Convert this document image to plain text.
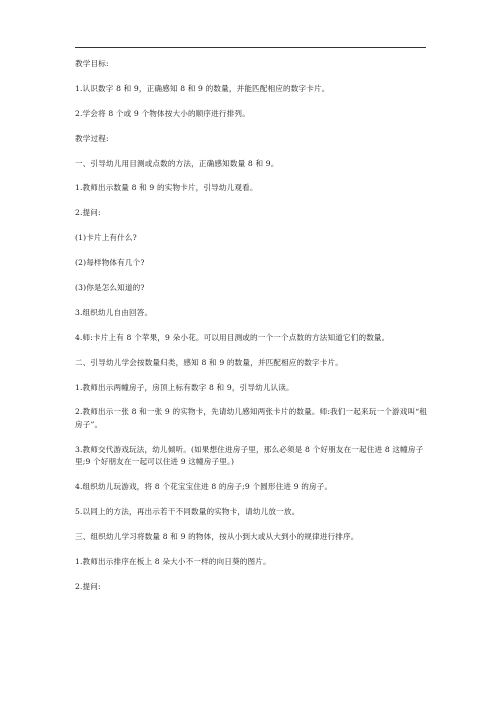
教学目标:

1.认识数字 8 和 9，正确感知 8 和 9 的数量，并能匹配相应的数字卡片。

2.学会将 8 个或 9 个物体按大小的顺序进行排列。

教学过程:

一、引导幼儿用目测或点数的方法，正确感知数量 8 和 9。

1.教师出示数量 8 和 9 的实物卡片，引导幼儿观看。

2.提问:

(1)卡片上有什么?

(2)每样物体有几个?

(3)你是怎么知道的?

3.组织幼儿自由回答。

4.师:卡片上有 8 个苹果，9 朵小花。可以用目测或的一个一个点数的方法知道它们的数量。

二、引导幼儿学会按数量归类，感知 8 和 9 的数量，并匹配相应的数字卡片。

1.教师出示两幢房子，房顶上标有数字 8 和 9，引导幼儿认读。

2.教师出示一张 8 和一张 9 的实物卡，先请幼儿感知两张卡片的数量。师:我们一起来玩一个游戏叫“租房子”。

3.教师交代游戏玩法，幼儿倾听。(如果想住进房子里，那么必须是 8 个好朋友在一起住进 8 这幢房子里;9 个好朋友在一起可以住进 9 这幢房子里。)

4.组织幼儿玩游戏，将 8 个花宝宝住进 8 的房子;9 个圆形住进 9 的房子。

5.以同上的方法，再出示若干不同数量的实物卡，请幼儿放一放。

三、组织幼儿学习将数量 8 和 9 的物体，按从小到大或从大到小的规律进行排序。

1.教师出示排序在板上 8 朵大小不一样的向日葵的图片。

2.提问:
